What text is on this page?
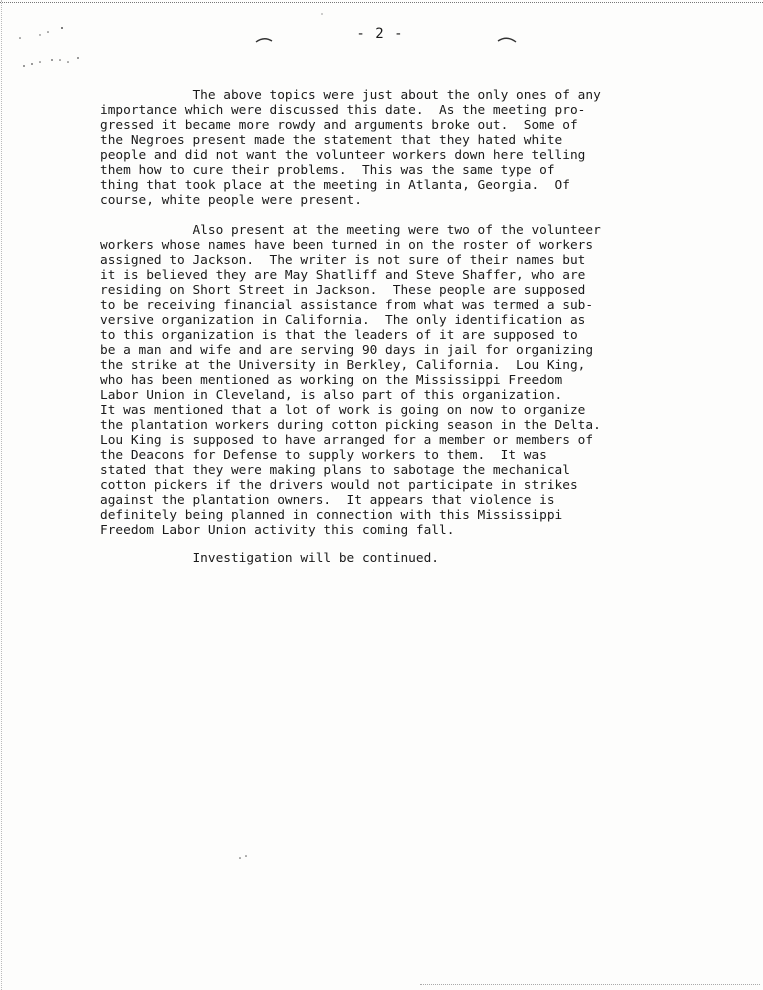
- 2 -

The above topics were just about the only ones of any
importance which were discussed this date.  As the meeting pro-
gressed it became more rowdy and arguments broke out.  Some of
the Negroes present made the statement that they hated white
people and did not want the volunteer workers down here telling
them how to cure their problems.  This was the same type of
thing that took place at the meeting in Atlanta, Georgia.  Of
course, white people were present.

Also present at the meeting were two of the volunteer
workers whose names have been turned in on the roster of workers
assigned to Jackson.  The writer is not sure of their names but
it is believed they are May Shatliff and Steve Shaffer, who are
residing on Short Street in Jackson.  These people are supposed
to be receiving financial assistance from what was termed a sub-
versive organization in California.  The only identification as
to this organization is that the leaders of it are supposed to
be a man and wife and are serving 90 days in jail for organizing
the strike at the University in Berkley, California.  Lou King,
who has been mentioned as working on the Mississippi Freedom
Labor Union in Cleveland, is also part of this organization.
It was mentioned that a lot of work is going on now to organize
the plantation workers during cotton picking season in the Delta.
Lou King is supposed to have arranged for a member or members of
the Deacons for Defense to supply workers to them.  It was
stated that they were making plans to sabotage the mechanical
cotton pickers if the drivers would not participate in strikes
against the plantation owners.  It appears that violence is
definitely being planned in connection with this Mississippi
Freedom Labor Union activity this coming fall.

Investigation will be continued.
